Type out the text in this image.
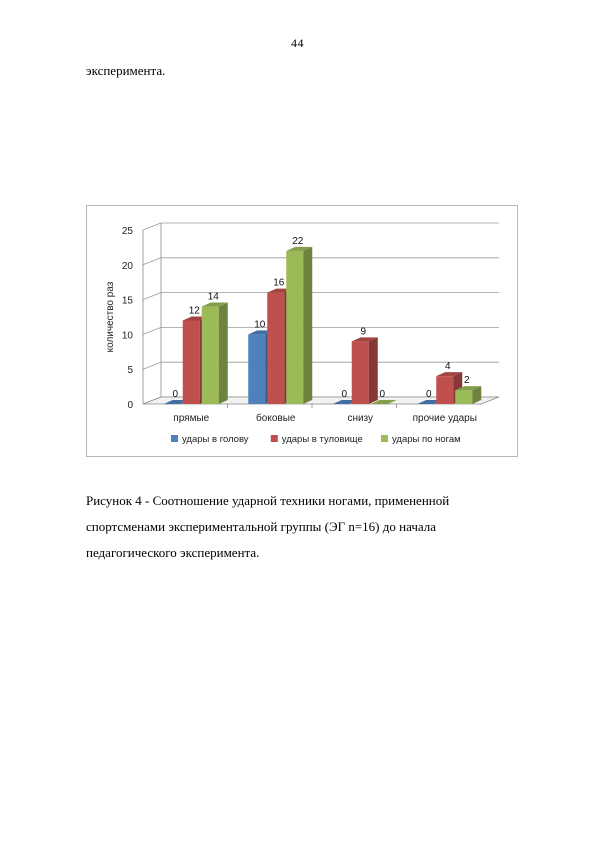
44
эксперимента.
0
5
10
15
20
25
количество раз
0
12
14
прямые
10
16
22
боковые
0
9
0
снизу
0
4
2
прочие удары
удары в голову	удары в туловище	удары по ногам

Рисунок 4 - Соотношение ударной техники ногами, примененной

спортсменами экспериментальной группы (ЭГ n=16) до начала

педагогического эксперимента.
